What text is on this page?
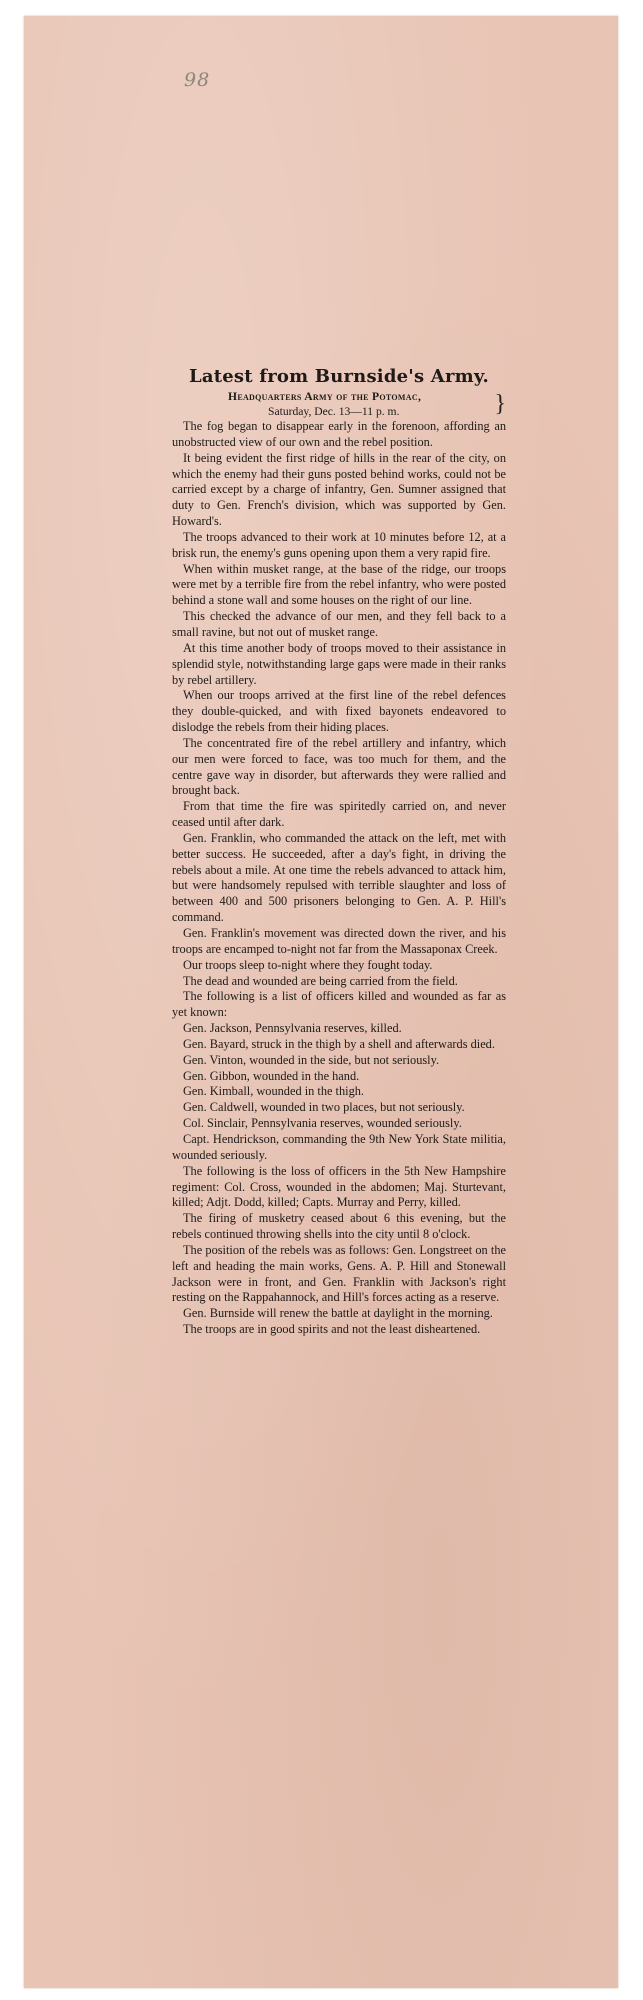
98
Latest from Burnside's Army.
Headquarters Army of the Potomac,
Saturday, Dec. 13—11 p. m.	}

The fog began to disappear early in the forenoon, affording an unobstructed view of our own and the rebel position.

It being evident the first ridge of hills in the rear of the city, on which the enemy had their guns posted behind works, could not be carried except by a charge of infantry, Gen. Sumner assigned that duty to Gen. French's division, which was supported by Gen. Howard's.

The troops advanced to their work at 10 minutes before 12, at a brisk run, the enemy's guns opening upon them a very rapid fire.

When within musket range, at the base of the ridge, our troops were met by a terrible fire from the rebel infantry, who were posted behind a stone wall and some houses on the right of our line.

This checked the advance of our men, and they fell back to a small ravine, but not out of musket range.

At this time another body of troops moved to their assistance in splendid style, notwithstanding large gaps were made in their ranks by rebel artillery.

When our troops arrived at the first line of the rebel defences they double-quicked, and with fixed bayonets endeavored to dislodge the rebels from their hiding places.

The concentrated fire of the rebel artillery and infantry, which our men were forced to face, was too much for them, and the centre gave way in disorder, but afterwards they were rallied and brought back.

From that time the fire was spiritedly carried on, and never ceased until after dark.

Gen. Franklin, who commanded the attack on the left, met with better success. He succeeded, after a day's fight, in driving the rebels about a mile. At one time the rebels advanced to attack him, but were handsomely repulsed with terrible slaughter and loss of between 400 and 500 prisoners belonging to Gen. A. P. Hill's command.

Gen. Franklin's movement was directed down the river, and his troops are encamped to-night not far from the Massaponax Creek.

Our troops sleep to-night where they fought today.

The dead and wounded are being carried from the field.

The following is a list of officers killed and wounded as far as yet known:

Gen. Jackson, Pennsylvania reserves, killed.

Gen. Bayard, struck in the thigh by a shell and afterwards died.

Gen. Vinton, wounded in the side, but not seriously.

Gen. Gibbon, wounded in the hand.

Gen. Kimball, wounded in the thigh.

Gen. Caldwell, wounded in two places, but not seriously.

Col. Sinclair, Pennsylvania reserves, wounded seriously.

Capt. Hendrickson, commanding the 9th New York State militia, wounded seriously.

The following is the loss of officers in the 5th New Hampshire regiment: Col. Cross, wounded in the abdomen; Maj. Sturtevant, killed; Adjt. Dodd, killed; Capts. Murray and Perry, killed.

The firing of musketry ceased about 6 this evening, but the rebels continued throwing shells into the city until 8 o'clock.

The position of the rebels was as follows: Gen. Longstreet on the left and heading the main works, Gens. A. P. Hill and Stonewall Jackson were in front, and Gen. Franklin with Jackson's right resting on the Rappahannock, and Hill's forces acting as a reserve.

Gen. Burnside will renew the battle at daylight in the morning.

The troops are in good spirits and not the least disheartened.
